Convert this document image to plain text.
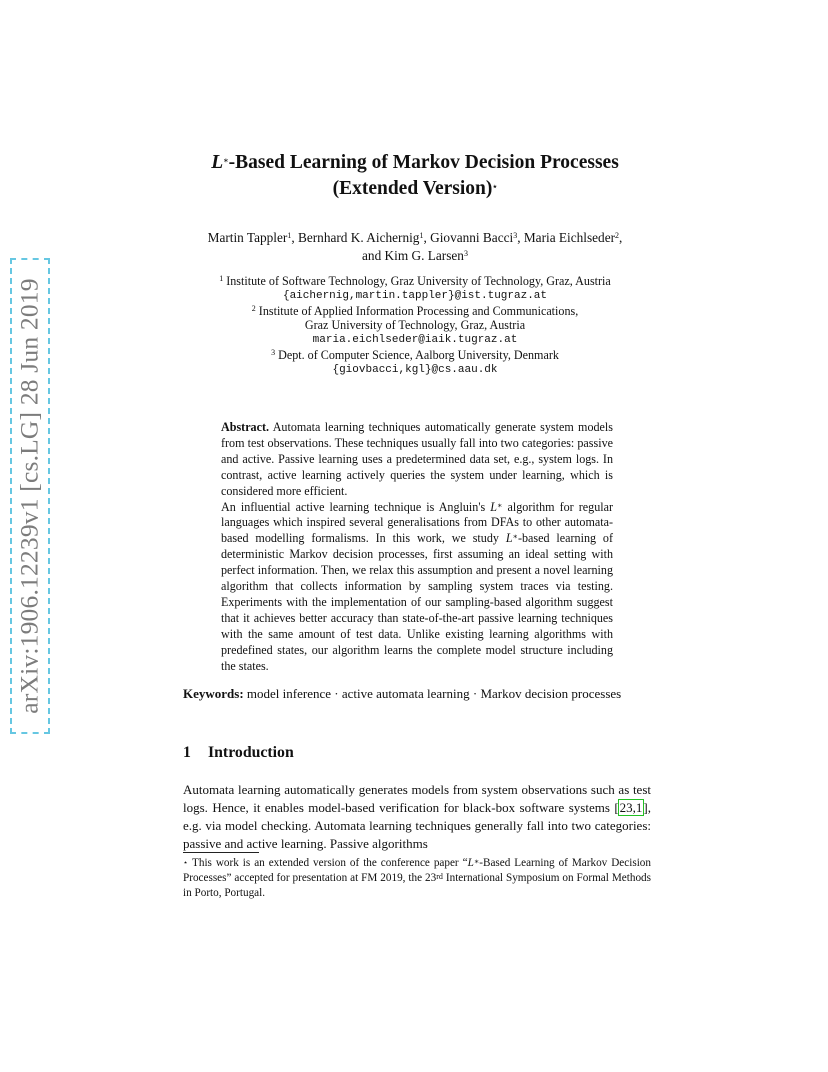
arXiv:1906.12239v1 [cs.LG] 28 Jun 2019
L∗-Based Learning of Markov Decision Processes
(Extended Version)⋆
Martin Tappler$^1$, Bernhard K. Aichernig$^1$, Giovanni Bacci$^3$, Maria Eichlseder$^2$,
and Kim G. Larsen$^3$
$^1$ Institute of Software Technology, Graz University of Technology, Graz, Austria
{aichernig,martin.tappler}@ist.tugraz.at
$^2$ Institute of Applied Information Processing and Communications,
Graz University of Technology, Graz, Austria
maria.eichlseder@iaik.tugraz.at
$^3$ Dept. of Computer Science, Aalborg University, Denmark
{giovbacci,kgl}@cs.aau.dk

Abstract. Automata learning techniques automatically generate system models from test observations. These techniques usually fall into two categories: passive and active. Passive learning uses a predetermined data set, e.g., system logs. In contrast, active learning actively queries the system under learning, which is considered more efficient.

An influential active learning technique is Angluin's L∗ algorithm for regular languages which inspired several generalisations from DFAs to other automata-based modelling formalisms. In this work, we study L∗-based learning of deterministic Markov decision processes, first assuming an ideal setting with perfect information. Then, we relax this assumption and present a novel learning algorithm that collects information by sampling system traces via testing. Experiments with the implementation of our sampling-based algorithm suggest that it achieves better accuracy than state-of-the-art passive learning techniques with the same amount of test data. Unlike existing learning algorithms with predefined states, our algorithm learns the complete model structure including the states.

Keywords: model inference · active automata learning · Markov decision processes
1 Introduction
Automata learning automatically generates models from system observations such as test logs. Hence, it enables model-based verification for black-box software systems [23,1], e.g. via model checking. Automata learning techniques generally fall into two categories: passive and active learning. Passive algorithms
⋆ This work is an extended version of the conference paper “L∗-Based Learning of Markov Decision Processes” accepted for presentation at FM 2019, the 23rd International Symposium on Formal Methods in Porto, Portugal.
